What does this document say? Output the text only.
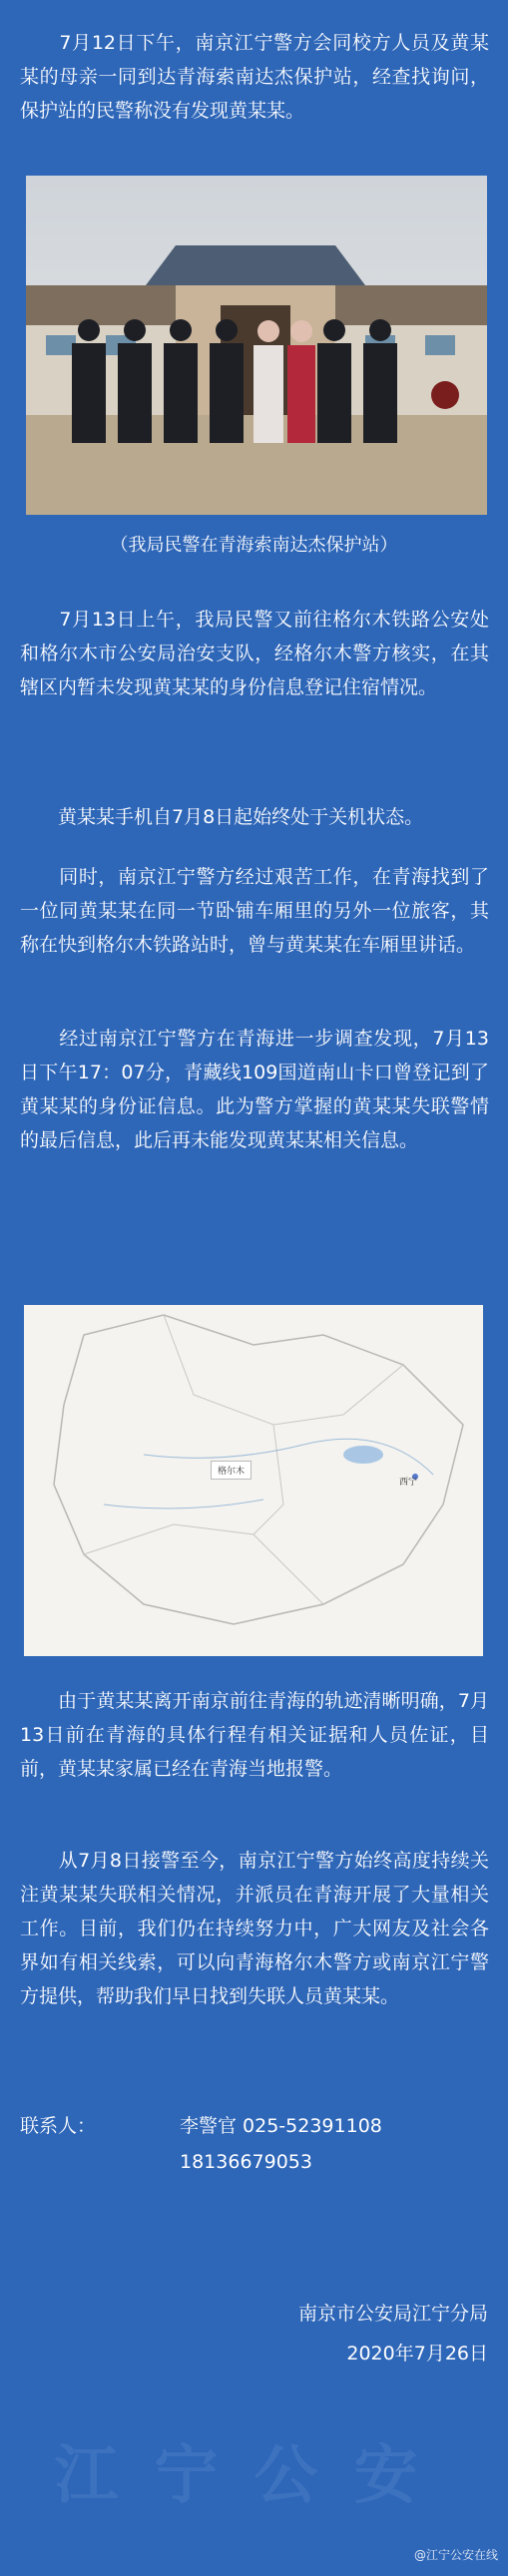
　　7月12日下午，南京江宁警方会同校方人员及黄某某的母亲一同到达青海索南达杰保护站，经查找询问，保护站的民警称没有发现黄某某。

（我局民警在青海索南达杰保护站）

　　7月13日上午，我局民警又前往格尔木铁路公安处和格尔木市公安局治安支队，经格尔木警方核实，在其辖区内暂未发现黄某某的身份信息登记住宿情况。

　　黄某某手机自7月8日起始终处于关机状态。

　　同时，南京江宁警方经过艰苦工作，在青海找到了一位同黄某某在同一节卧铺车厢里的另外一位旅客，其称在快到格尔木铁路站时，曾与黄某某在车厢里讲话。

　　经过南京江宁警方在青海进一步调查发现，7月13日下午17：07分，青藏线109国道南山卡口曾登记到了黄某某的身份证信息。此为警方掌握的黄某某失联警情的最后信息，此后再未能发现黄某某相关信息。

格尔木
西宁

　　由于黄某某离开南京前往青海的轨迹清晰明确，7月13日前在青海的具体行程有相关证据和人员佐证，目前，黄某某家属已经在青海当地报警。

　　从7月8日接警至今，南京江宁警方始终高度持续关注黄某某失联相关情况，并派员在青海开展了大量相关工作。目前，我们仍在持续努力中，广大网友及社会各界如有相关线索，可以向青海格尔木警方或南京江宁警方提供，帮助我们早日找到失联人员黄某某。

联系人：	李警官 025-52391108
18136679053
南京市公安局江宁分局
2020年7月26日
江宁公安
@江宁公安在线
